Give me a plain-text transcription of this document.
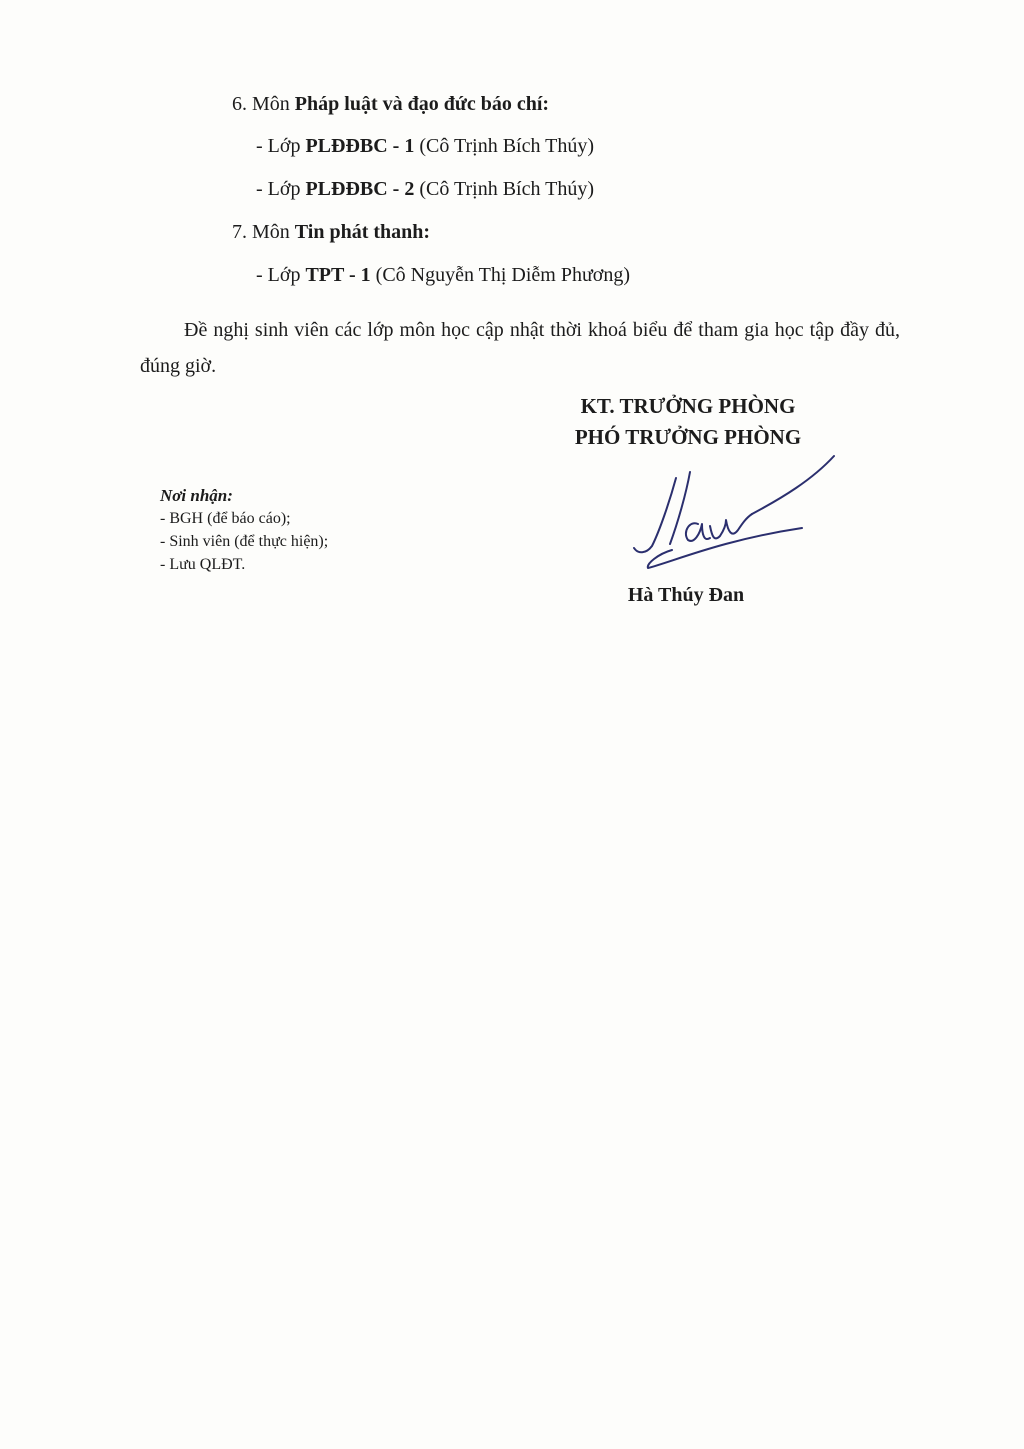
6. Môn Pháp luật và đạo đức báo chí:
- Lớp PLĐĐBC - 1 (Cô Trịnh Bích Thúy)
- Lớp PLĐĐBC - 2 (Cô Trịnh Bích Thúy)
7. Môn Tin phát thanh:
- Lớp TPT - 1 (Cô Nguyễn Thị Diễm Phương)
Đề nghị sinh viên các lớp môn học cập nhật thời khoá biểu để tham gia học tập đầy đủ, đúng giờ.
KT. TRƯỞNG PHÒNG
PHÓ TRƯỞNG PHÒNG
Hà Thúy Đan
Nơi nhận:
- BGH (để báo cáo);
- Sinh viên (để thực hiện);
- Lưu QLĐT.
